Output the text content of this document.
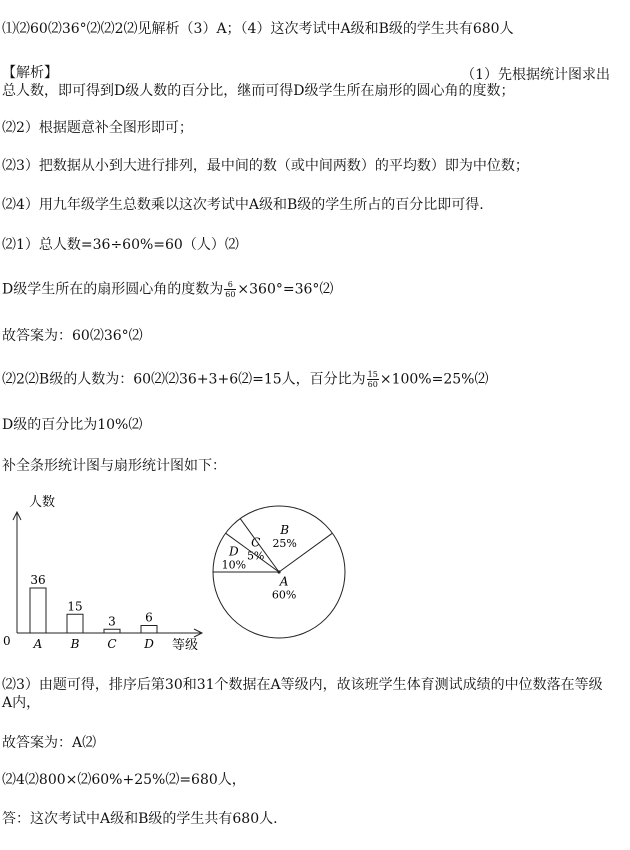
⑴⑵60⑵36°⑵⑵2⑵见解析（3）A；（4）这次考试中A级和B级的学生共有680人
【解析】	（1）先根据统计图求出
总人数，即可得到D级人数的百分比，继而可得D级学生所在扇形的圆心角的度数；
⑵2）根据题意补全图形即可；
⑵3）把数据从小到大进行排列，最中间的数（或中间两数）的平均数）即为中位数；
⑵4）用九年级学生总数乘以这次考试中A级和B级的学生所占的百分比即可得.
⑵1）总人数=36÷60%=60（人）⑵
D级学生所在的扇形圆心角的度数为 $\frac{6}{60}$ ×360°=36°⑵
故答案为：60⑵36°⑵
⑵2⑵B级的人数为：60⑵⑵36+3+6⑵=15人，百分比为 $\frac{15}{60}$ ×100%=25%⑵
D级的百分比为10%⑵
补全条形统计图与扇形统计图如下：
人数
等级
0
36
A
15
B
3
C
6
D
D
10%
C
5%
B
25%
A
60%
⑵3）由题可得，排序后第30和31个数据在A等级内，故该班学生体育测试成绩的中位数落在等级
A内，
故答案为：A⑵
⑵4⑵800×⑵60%+25%⑵=680人，
答：这次考试中A级和B级的学生共有680人.
